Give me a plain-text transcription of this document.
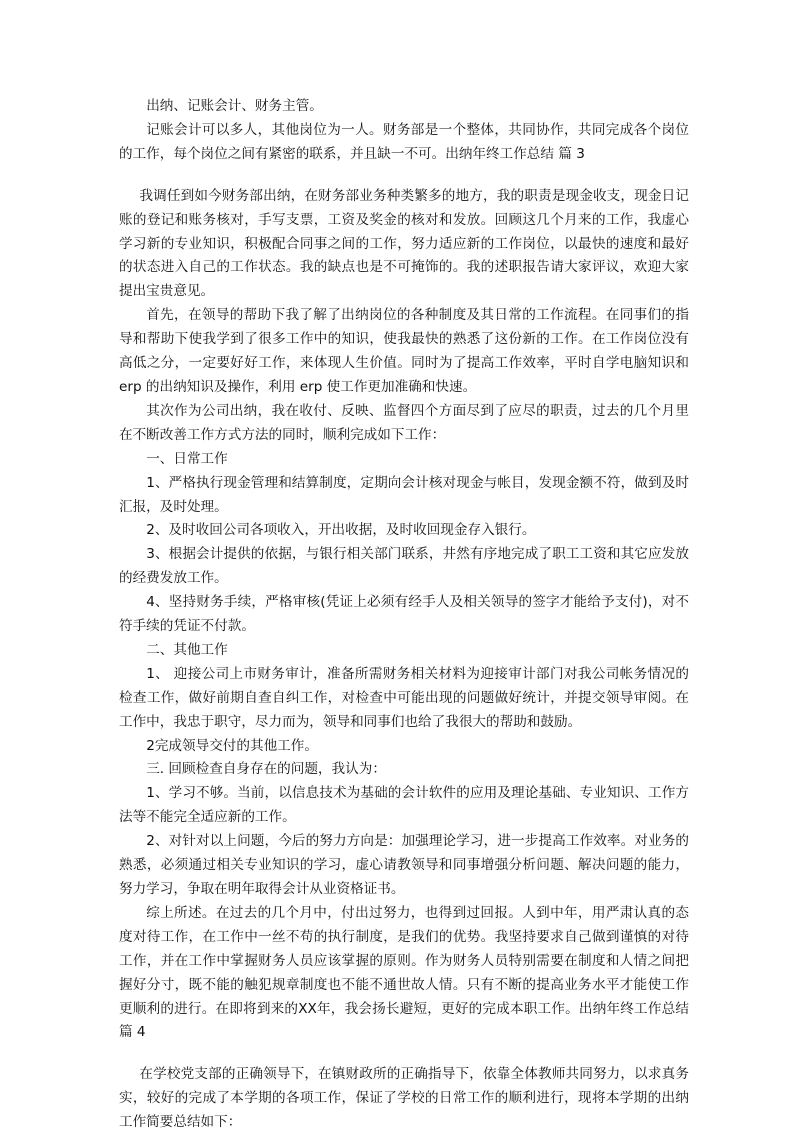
出纳、记账会计、财务主管。

记账会计可以多人，其他岗位为一人。财务部是一个整体，共同协作，共同完成各个岗位的工作，每个岗位之间有紧密的联系，并且缺一不可。出纳年终工作总结 篇 3

我调任到如今财务部出纳，在财务部业务种类繁多的地方，我的职责是现金收支，现金日记账的登记和账务核对，手写支票，工资及奖金的核对和发放。回顾这几个月来的工作，我虚心学习新的专业知识，积极配合同事之间的工作，努力适应新的工作岗位，以最快的速度和最好的状态进入自己的工作状态。我的缺点也是不可掩饰的。我的述职报告请大家评议，欢迎大家提出宝贵意见。

首先，在领导的帮助下我了解了出纳岗位的各种制度及其日常的工作流程。在同事们的指导和帮助下使我学到了很多工作中的知识，使我最快的熟悉了这份新的工作。在工作岗位没有高低之分，一定要好好工作，来体现人生价值。同时为了提高工作效率，平时自学电脑知识和 erp 的出纳知识及操作，利用 erp 使工作更加准确和快速。

其次作为公司出纳，我在收付、反映、监督四个方面尽到了应尽的职责，过去的几个月里在不断改善工作方式方法的同时，顺利完成如下工作：

一、日常工作

1、严格执行现金管理和结算制度，定期向会计核对现金与帐目，发现金额不符，做到及时汇报，及时处理。

2、及时收回公司各项收入，开出收据，及时收回现金存入银行。

3、根据会计提供的依据，与银行相关部门联系，井然有序地完成了职工工资和其它应发放的经费发放工作。

4、坚持财务手续，严格审核(凭证上必须有经手人及相关领导的签字才能给予支付)，对不符手续的凭证不付款。

二、其他工作

1、 迎接公司上市财务审计，准备所需财务相关材料为迎接审计部门对我公司帐务情况的检查工作，做好前期自查自纠工作，对检查中可能出现的问题做好统计，并提交领导审阅。在工作中，我忠于职守，尽力而为，领导和同事们也给了我很大的帮助和鼓励。

2完成领导交付的其他工作。

三. 回顾检查自身存在的问题，我认为：

1、学习不够。当前，以信息技术为基础的会计软件的应用及理论基础、专业知识、工作方法等不能完全适应新的工作。

2、对针对以上问题，今后的努力方向是：加强理论学习，进一步提高工作效率。对业务的熟悉，必须通过相关专业知识的学习，虚心请教领导和同事增强分析问题、解决问题的能力，努力学习，争取在明年取得会计从业资格证书。

综上所述。在过去的几个月中，付出过努力，也得到过回报。人到中年，用严肃认真的态度对待工作，在工作中一丝不苟的执行制度，是我们的优势。我坚持要求自己做到谨慎的对待工作，并在工作中掌握财务人员应该掌握的原则。作为财务人员特别需要在制度和人情之间把握好分寸，既不能的触犯规章制度也不能不通世故人情。只有不断的提高业务水平才能使工作更顺利的进行。在即将到来的XX年，我会扬长避短，更好的完成本职工作。出纳年终工作总结 篇 4

在学校党支部的正确领导下，在镇财政所的正确指导下，依靠全体教师共同努力，以求真务实，较好的完成了本学期的各项工作，保证了学校的日常工作的顺利进行，现将本学期的出纳工作简要总结如下：
